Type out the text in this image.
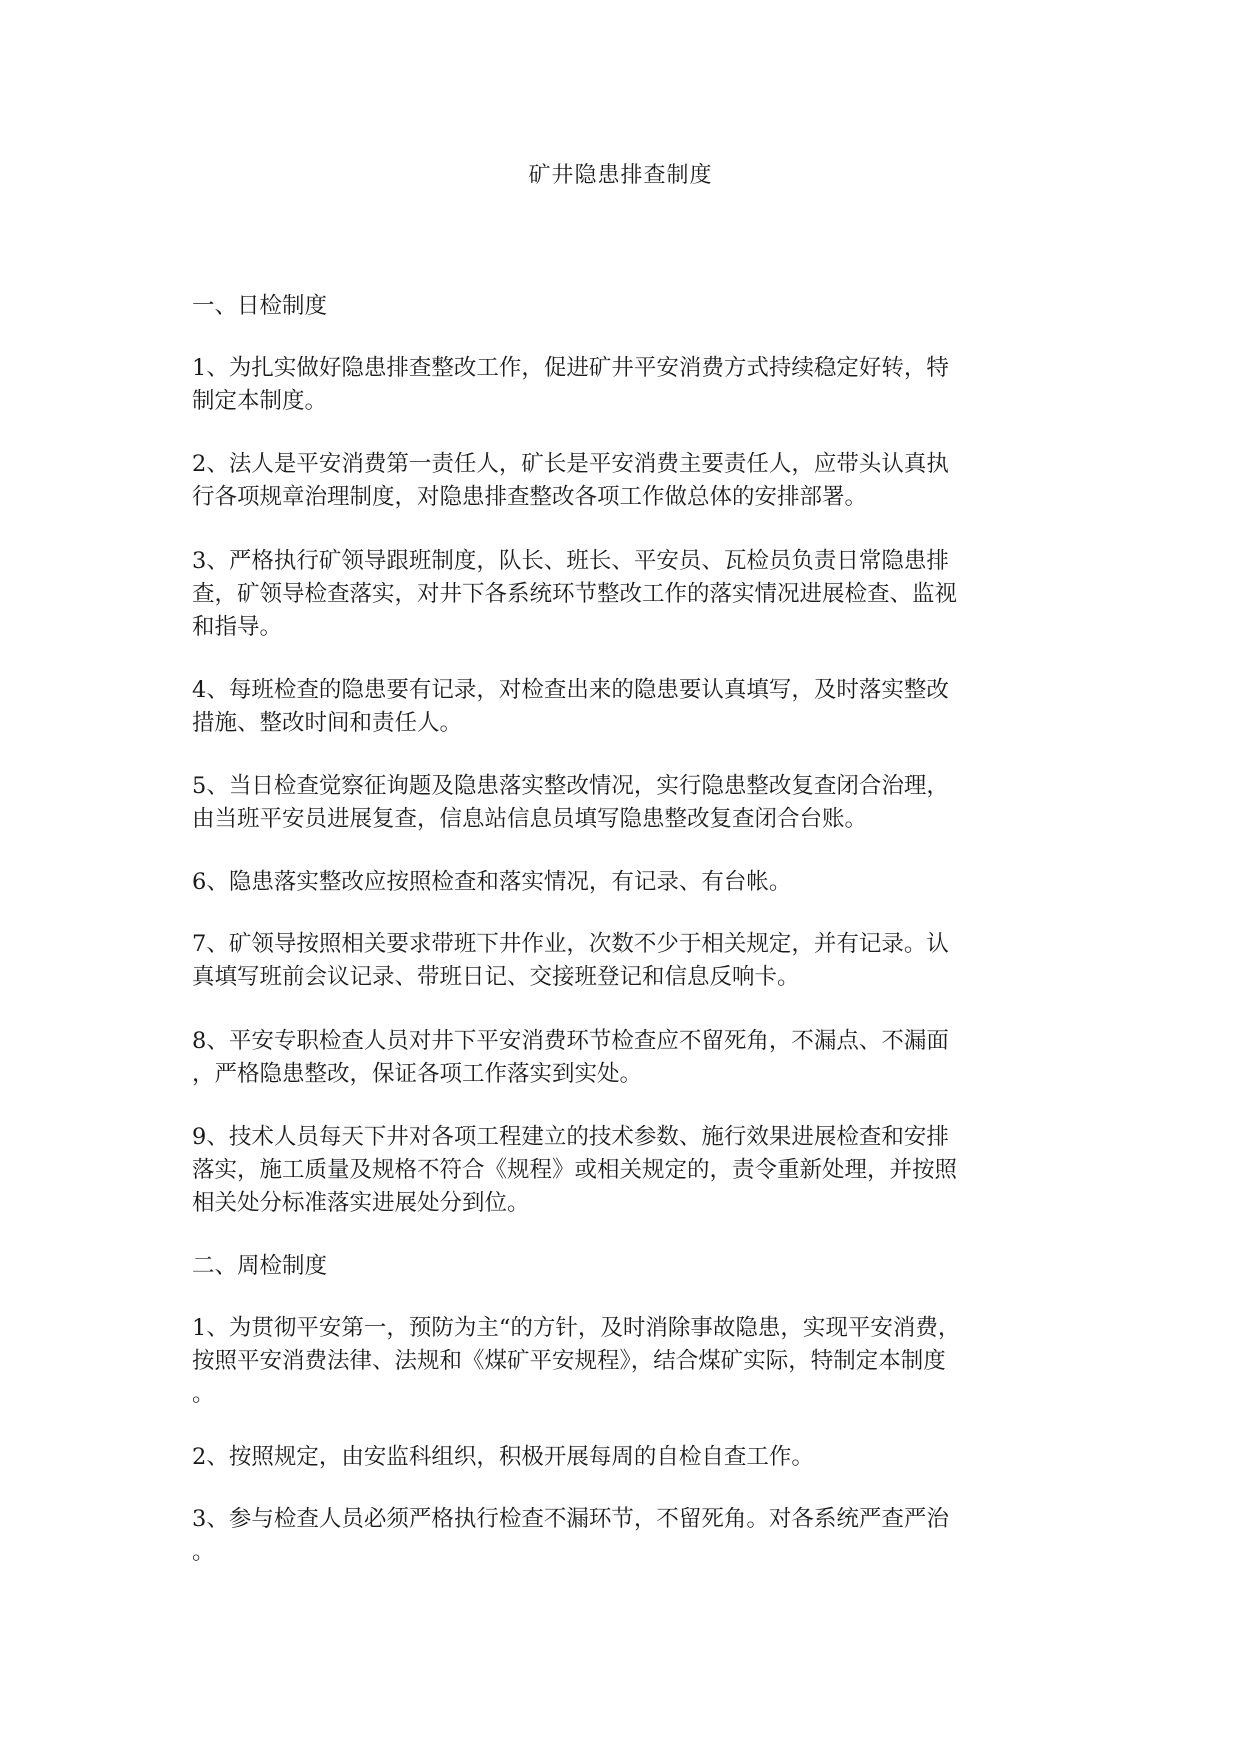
矿井隐患排查制度

一、日检制度

1、为扎实做好隐患排查整改工作，促进矿井平安消费方式持续稳定好转，特
制定本制度。

2、法人是平安消费第一责任人，矿长是平安消费主要责任人，应带头认真执
行各项规章治理制度，对隐患排查整改各项工作做总体的安排部署。

3、严格执行矿领导跟班制度，队长、班长、平安员、瓦检员负责日常隐患排
查，矿领导检查落实，对井下各系统环节整改工作的落实情况进展检查、监视
和指导。

4、每班检查的隐患要有记录，对检查出来的隐患要认真填写，及时落实整改
措施、整改时间和责任人。

5、当日检查觉察征询题及隐患落实整改情况，实行隐患整改复查闭合治理，
由当班平安员进展复查，信息站信息员填写隐患整改复查闭合台账。

6、隐患落实整改应按照检查和落实情况，有记录、有台帐。

7、矿领导按照相关要求带班下井作业，次数不少于相关规定，并有记录。认
真填写班前会议记录、带班日记、交接班登记和信息反响卡。

8、平安专职检查人员对井下平安消费环节检查应不留死角，不漏点、不漏面
，严格隐患整改，保证各项工作落实到实处。

9、技术人员每天下井对各项工程建立的技术参数、施行效果进展检查和安排
落实，施工质量及规格不符合《规程》或相关规定的，责令重新处理，并按照
相关处分标准落实进展处分到位。

二、周检制度

1、为贯彻平安第一，预防为主“的方针，及时消除事故隐患，实现平安消费，
按照平安消费法律、法规和《煤矿平安规程》，结合煤矿实际，特制定本制度
。

2、按照规定，由安监科组织，积极开展每周的自检自查工作。

3、参与检查人员必须严格执行检查不漏环节，不留死角。对各系统严查严治
。
